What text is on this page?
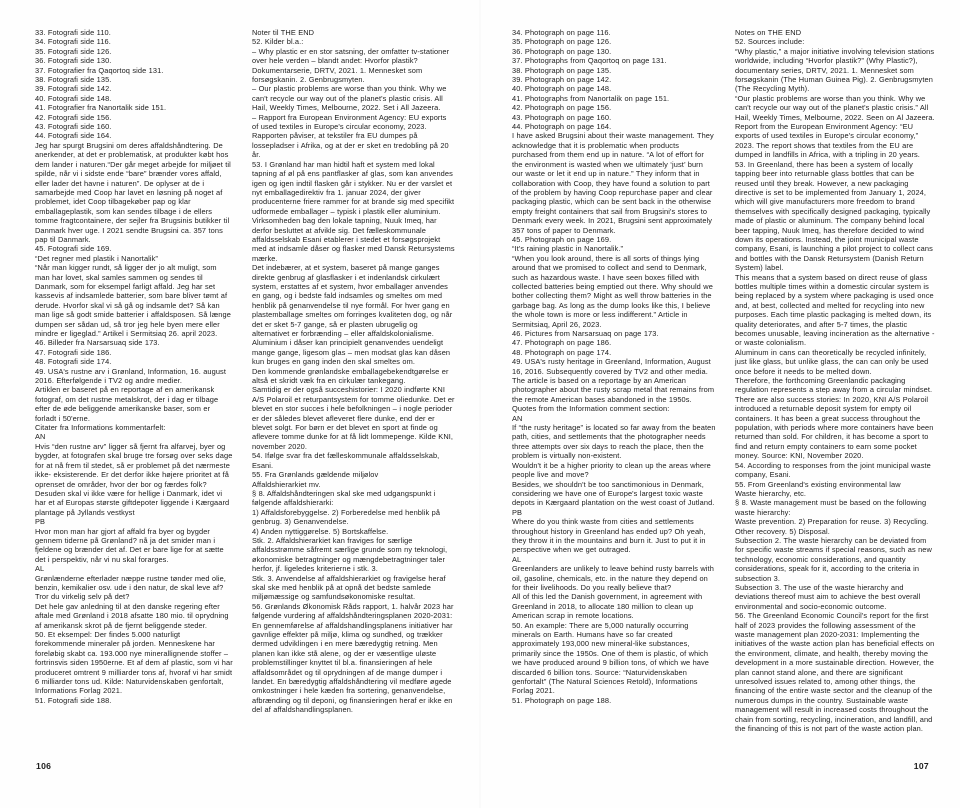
33. Fotografi side 110.

34. Fotografi side 116.

35. Fotografi side 126.

36. Fotografi side 130.

37. Fotografier fra Qaqortoq side 131.

38. Fotografi side 135.

39. Fotografi side 142.

40. Fotografi side 148.

41. Fotografier fra Nanortalik side 151.

42. Fotografi side 156.

43. Fotografi side 160.

44. Fotografi side 164.

Jeg har spurgt Brugsini om deres affaldshåndtering. De anerkender, at det er problematisk, at produkter købt hos dem lander i naturen.“Der går meget arbejde for miljøet til spilde, når vi i sidste ende “bare” brænder vores affald, eller lader det havne i naturen”. De oplyser at de i samarbejde med Coop har lavet en løsning på noget af problemet, idet Coop tilbagekøber pap og klar emballageplastik, som kan sendes tilbage i de ellers tomme fragtcontainere, der sejler fra Brugsinis butikker til Danmark hver uge. I 2021 sendte Brugsini ca. 357 tons pap til Danmark.

45. Fotografi side 169.

“Det regner med plastik i Nanortalik”

“Når man kigger rundt, så ligger der jo alt muligt, som man har lovet, skal samles sammen og sendes til Danmark, som for eksempel farligt affald. Jeg har set kassevis af indsamlede batterier, som bare bliver tømt af derude. Hvorfor skal vi så gå og indsamle det? Så kan man lige så godt smide batterier i affaldsposen. Så længe dumpen ser sådan ud, så tror jeg hele byen mere eller mindre er ligeglad.” Artikel i Sermitsiaq 26. april 2023.

46. Billeder fra Narsarsuaq side 173.

47. Fotografi side 186.

48. Fotografi side 174.

49. USA's rustne arv i Grønland, Information, 16. august 2016. Efterfølgende i TV2 og andre medier.

Artiklen er baseret på en reportage af en amerikansk fotograf, om det rustne metalskrot, der i dag er tilbage efter de øde beliggende amerikanske baser, som er forladt i 50'erne.

Citater fra Informations kommentarfelt:

AN

Hvis “den rustne arv” ligger så fjernt fra alfarvej, byer og bygder, at fotografen skal bruge tre forsøg over seks dage for at nå frem til stedet, så er problemet på det nærmeste ikke- eksisterende. Er det derfor ikke højere prioritet at få oprenset de områder, hvor der bor og færdes folk?

Desuden skal vi ikke være for hellige i Danmark, idet vi har et af Europas største giftdepoter liggende i Kærgaard plantage på Jyllands vestkyst

PB

Hvor mon man har gjort af affald fra byer og bygder gennem tiderne på Grønland? nå ja det smider man i fjeldene og brænder det af. Det er bare lige for at sætte det i perspektiv, når vi nu skal forarges.

AL

Grønlænderne efterlader næppe rustne tønder med olie, benzin, kemikalier osv. ude i den natur, de skal leve af? Tror du virkelig selv på det?

Det hele gav anledning til at den danske regering efter aftale med Grønland i 2018 afsatte 180 mio. til oprydning af amerikansk skrot på de fjernt beliggende steder.

50. Et eksempel: Der findes 5.000 naturligt forekommende mineraler på jorden. Menneskene har foreløbig skabt ca. 193.000 nye minerallignende stoffer – fortrinsvis siden 1950erne. Et af dem af plastic, som vi har produceret omtrent 9 milliarder tons af, hvoraf vi har smidt 6 milliarder tons ud. Kilde: Naturvidenskaben genfortalt, Informations Forlag 2021.

51. Fotografi side 188.

Noter til THE END

52. Kilder bl.a.:

– Why plastic er en stor satsning, der omfatter tv-stationer over hele verden – blandt andet: Hvorfor plastik? Dokumentarserie, DRTV, 2021. 1. Mennesket som forsøgskanin. 2. Genbrugsmyten.

– Our plastic problems are worse than you think. Why we can't recycle our way out of the planet's plastic crisis. All Hail, Weekly Times, Melbourne, 2022. Set i All Jazeera.

– Rapport fra European Environment Agency: EU exports of used textiles in Europe's circular economy, 2023. Rapporten påviser, at tekstiler fra EU dumpes på lossepladser i Afrika, og at der er sket en tredobling på 20 år.

53. I Grønland har man hidtil haft et system med lokal tapning af øl på ens pantflasker af glas, som kan anvendes igen og igen indtil flasken går i stykker. Nu er der varslet et nyt emballagedirektiv fra 1. januar 2024, der giver producenterne friere rammer for at brande sig med specifikt udformede emballager – typisk i plastik eller aluminium. Virksomheden bag den lokale tapning, Nuuk Imeq, har derfor besluttet at afvikle sig. Det fælleskommunale affaldsselskab Esani etablerer i stedet et forsøgsprojekt med at indsamle dåser og flasker med Dansk Retursystems mærke.

Det indebærer, at et system, baseret på mange ganges direkte genbrug af glasflasker i et indenlandsk cirkulært system, erstattes af et system, hvor emballager anvendes en gang, og i bedste fald indsamles og smeltes om med henblik på genanvendelse til nye formål. For hver gang en plastemballage smeltes om forringes kvaliteten dog, og når det er sket 5-7 gange, så er plasten ubrugelig og alternativet er forbrænding – eller affaldskolonialisme.

Aluminium i dåser kan principielt genanvendes uendeligt mange gange, ligesom glas – men modsat glas kan dåsen kun bruges en gang inden den skal smeltes om.

Den kommende grønlandske emballagebekendtgørelse er altså et skridt væk fra en cirkulær tankegang.

Samtidig er der også succeshistorier: I 2020 indførte KNI A/S Polaroil et returpantsystem for tomme oliedunke. Det er blevet en stor succes i hele befolkningen – i nogle perioder er der således blevet afleveret flere dunke, end der er blevet solgt. For børn er det blevet en sport at finde og aflevere tomme dunke for at få lidt lommepenge. Kilde KNI, november 2020.

54. Ifølge svar fra det fælleskommunale affaldsselskab, Esani.

55. Fra Grønlands gældende miljølov

Affaldshierarkiet mv.

§ 8. Affaldshåndteringen skal ske med udgangspunkt i følgende affaldshierarki:

1) Affaldsforebyggelse. 2) Forberedelse med henblik på genbrug. 3) Genanvendelse.

4) Anden nyttiggørelse. 5) Bortskaffelse.

Stk. 2. Affaldshierarkiet kan fraviges for særlige affaldsstrømme såfremt særlige grunde som ny teknologi, økonomiske betragtninger og mængdebetragtninger taler herfor, jf. ligeledes kriterierne i stk. 3.

Stk. 3. Anvendelse af affaldshierarkiet og fravigelse heraf skal ske med henblik på at opnå det bedste samlede miljømæssige og samfundsøkonomiske resultat.

56. Grønlands Økonomisk Råds rapport, 1. halvår 2023 har følgende vurdering af affaldshåndteringsplanen 2020-2031: En gennemførelse af affaldshandlingsplanens initiativer har gavnlige effekter på miljø, klima og sundhed, og trækker dermed udviklingen i en mere bæredygtig retning. Men planen kan ikke stå alene, og der er væsentlige uløste problemstillinger knyttet til bl.a. finansieringen af hele affaldsområdet og til oprydningen af de mange dumper i landet. En bæredygtig affaldshåndtering vil medføre øgede omkostninger i hele kæden fra sortering, genanvendelse, afbrænding og til deponi, og finansieringen heraf er ikke en del af affaldshandlingsplanen.

34. Photograph on page 116.

35. Photograph on page 126.

36. Photograph on page 130.

37. Photographs from Qaqortoq on page 131.

38. Photograph on page 135.

39. Photograph on page 142.

40. Photograph on page 148.

41. Photographs from Nanortalik on page 151.

42. Photograph on page 156.

43. Photograph on page 160.

44. Photograph on page 164.

I have asked Brugsini about their waste management. They acknowledge that it is problematic when products purchased from them end up in nature. “A lot of effort for the environment is wasted when we ultimately ‘just’ burn our waste or let it end up in nature.” They inform that in collaboration with Coop, they have found a solution to part of the problem by having Coop repurchase paper and clear packaging plastic, which can be sent back in the otherwise empty freight containers that sail from Brugsini's stores to Denmark every week. In 2021, Brugsini sent approximately 357 tons of paper to Denmark.

45. Photograph on page 169.

“It's raining plastic in Nanortalik.”

“When you look around, there is all sorts of things lying around that we promised to collect and send to Denmark, such as hazardous waste. I have seen boxes filled with collected batteries being emptied out there. Why should we bother collecting them? Might as well throw batteries in the garbage bag. As long as the dump looks like this, I believe the whole town is more or less indifferent.” Article in Sermitsiaq, April 26, 2023.

46. Pictures from Narsarsuaq on page 173.

47. Photograph on page 186.

48. Photograph on page 174.

49. USA's rusty heritage in Greenland, Information, August 16, 2016. Subsequently covered by TV2 and other media.

The article is based on a reportage by an American photographer about the rusty scrap metal that remains from the remote American bases abandoned in the 1950s.

Quotes from the Information comment section:

AN

If “the rusty heritage” is located so far away from the beaten path, cities, and settlements that the photographer needs three attempts over six days to reach the place, then the problem is virtually non-existent.

Wouldn't it be a higher priority to clean up the areas where people live and move?

Besides, we shouldn't be too sanctimonious in Denmark, considering we have one of Europe's largest toxic waste depots in Kærgaard plantation on the west coast of Jutland.

PB

Where do you think waste from cities and settlements throughout history in Greenland has ended up? Oh yeah, they throw it in the mountains and burn it. Just to put it in perspective when we get outraged.

AL

Greenlanders are unlikely to leave behind rusty barrels with oil, gasoline, chemicals, etc. in the nature they depend on for their livelihoods. Do you really believe that?

All of this led the Danish government, in agreement with Greenland in 2018, to allocate 180 million to clean up American scrap in remote locations.

50. An example: There are 5,000 naturally occurring minerals on Earth. Humans have so far created approximately 193,000 new mineral-like substances, primarily since the 1950s. One of them is plastic, of which we have produced around 9 billion tons, of which we have discarded 6 billion tons. Source: “Naturvidenskaben genfortalt” (The Natural Sciences Retold), Informations Forlag 2021.

51. Photograph on page 188.

Notes on THE END

52. Sources include:

“Why plastic,” a major initiative involving television stations worldwide, including “Hvorfor plastik?” (Why Plastic?), documentary series, DRTV, 2021. 1. Mennesket som forsøgskanin (The Human Guinea Pig). 2. Genbrugsmyten (The Recycling Myth).

“Our plastic problems are worse than you think. Why we can't recycle our way out of the planet's plastic crisis.” All Hail, Weekly Times, Melbourne, 2022. Seen on Al Jazeera.

Report from the European Environment Agency: “EU exports of used textiles in Europe's circular economy,” 2023. The report shows that textiles from the EU are dumped in landfills in Africa, with a tripling in 20 years.

53. In Greenland, there has been a system of locally tapping beer into returnable glass bottles that can be reused until they break. However, a new packaging directive is set to be implemented from January 1, 2024, which will give manufacturers more freedom to brand themselves with specifically designed packaging, typically made of plastic or aluminum. The company behind local beer tapping, Nuuk Imeq, has therefore decided to wind down its operations. Instead, the joint municipal waste company, Esani, is launching a pilot project to collect cans and bottles with the Dansk Retursystem (Danish Return System) label.

This means that a system based on direct reuse of glass bottles multiple times within a domestic circular system is being replaced by a system where packaging is used once and, at best, collected and melted for recycling into new purposes. Each time plastic packaging is melted down, its quality deteriorates, and after 5-7 times, the plastic becomes unusable, leaving incineration as the alternative - or waste colonialism.

Aluminum in cans can theoretically be recycled infinitely, just like glass, but unlike glass, the can can only be used once before it needs to be melted down.

Therefore, the forthcoming Greenlandic packaging regulation represents a step away from a circular mindset.

There are also success stories: In 2020, KNI A/S Polaroil introduced a returnable deposit system for empty oil containers. It has been a great success throughout the population, with periods where more containers have been returned than sold. For children, it has become a sport to find and return empty containers to earn some pocket money. Source: KNI, November 2020.

54. According to responses from the joint municipal waste company, Esani.

55. From Greenland's existing environmental law

Waste hierarchy, etc.

§ 8. Waste management must be based on the following waste hierarchy:

Waste prevention. 2) Preparation for reuse. 3) Recycling.

Other recovery. 5) Disposal.

Subsection 2. The waste hierarchy can be deviated from for specific waste streams if special reasons, such as new technology, economic considerations, and quantity considerations, speak for it, according to the criteria in subsection 3.

Subsection 3. The use of the waste hierarchy and deviations thereof must aim to achieve the best overall environmental and socio-economic outcome.

56. The Greenland Economic Council's report for the first half of 2023 provides the following assessment of the waste management plan 2020-2031: Implementing the initiatives of the waste action plan has beneficial effects on the environment, climate, and health, thereby moving the development in a more sustainable direction. However, the plan cannot stand alone, and there are significant unresolved issues related to, among other things, the financing of the entire waste sector and the cleanup of the numerous dumps in the country. Sustainable waste management will result in increased costs throughout the chain from sorting, recycling, incineration, and landfill, and the financing of this is not part of the waste action plan.

106	107
